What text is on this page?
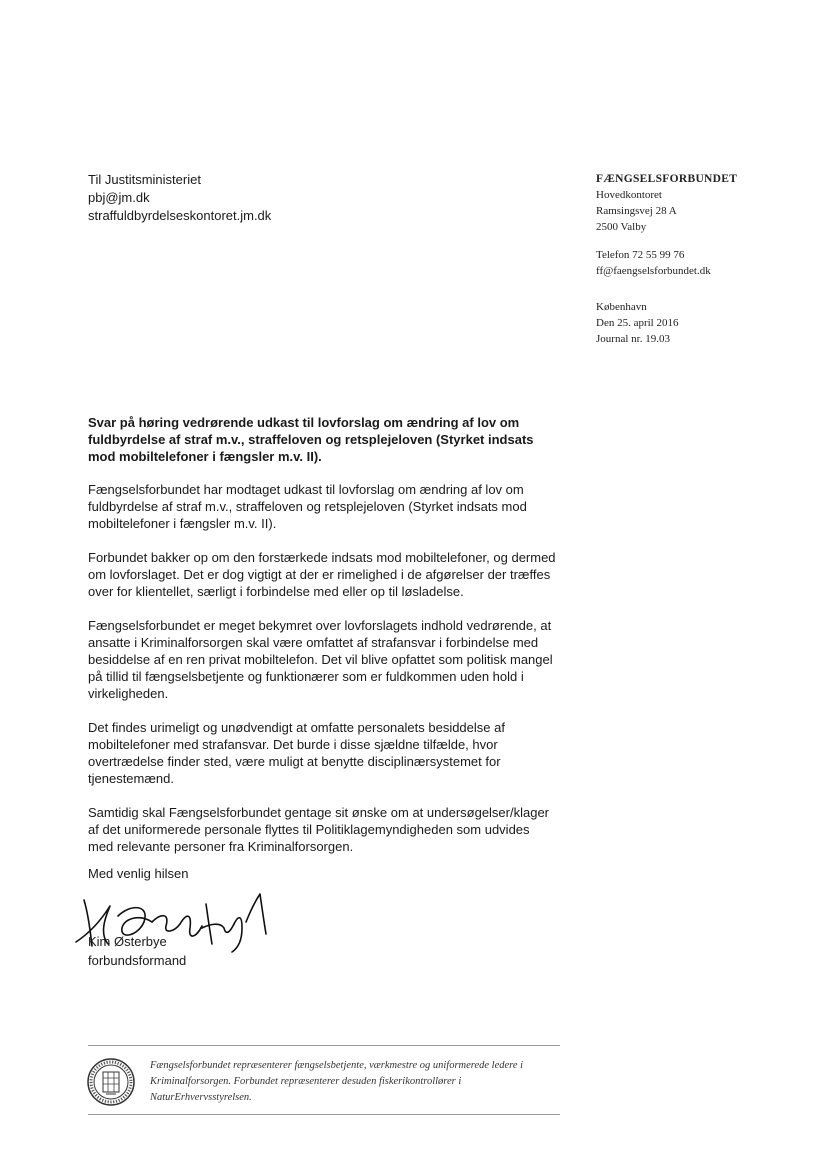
Til Justitsministeriet
pbj@jm.dk
straffuldbyrdelseskontoret.jm.dk
FÆNGSELSFORBUNDET
Hovedkontoret
Ramsingsvej 28 A
2500 Valby
Telefon 72 55 99 76
ff@faengselsforbundet.dk
København
Den 25. april 2016
Journal nr. 19.03
Svar på høring vedrørende udkast til lovforslag om ændring af lov om fuldbyrdelse af straf m.v., straffeloven og retsplejeloven (Styrket indsats mod mobiltelefoner i fængsler m.v. II).

Fængselsforbundet har modtaget udkast til lovforslag om ændring af lov om fuldbyrdelse af straf m.v., straffeloven og retsplejeloven (Styrket indsats mod mobiltelefoner i fængsler m.v. II).

Forbundet bakker op om den forstærkede indsats mod mobiltelefoner, og dermed om lovforslaget. Det er dog vigtigt at der er rimelighed i de afgørelser der træffes over for klientellet, særligt i forbindelse med eller op til løsladelse.

Fængselsforbundet er meget bekymret over lovforslagets indhold vedrørende, at ansatte i Kriminalforsorgen skal være omfattet af strafansvar i forbindelse med besiddelse af en ren privat mobiltelefon. Det vil blive opfattet som politisk mangel på tillid til fængselsbetjente og funktionærer som er fuldkommen uden hold i virkeligheden.

Det findes urimeligt og unødvendigt at omfatte personalets besiddelse af mobiltelefoner med strafansvar. Det burde i disse sjældne tilfælde, hvor overtrædelse finder sted, være muligt at benytte disciplinærsystemet for tjenestemænd.

Samtidig skal Fængselsforbundet gentage sit ønske om at undersøgelser/klager af det uniformerede personale flyttes til Politiklagemyndigheden som udvides med relevante personer fra Kriminalforsorgen.

Med venlig hilsen
Kim Østerbye
forbundsformand
Fængselsforbundet repræsenterer fængselsbetjente, værkmestre og uniformerede ledere i Kriminalforsorgen. Forbundet repræsenterer desuden fiskerikontrollører i NaturErhvervsstyrelsen.
